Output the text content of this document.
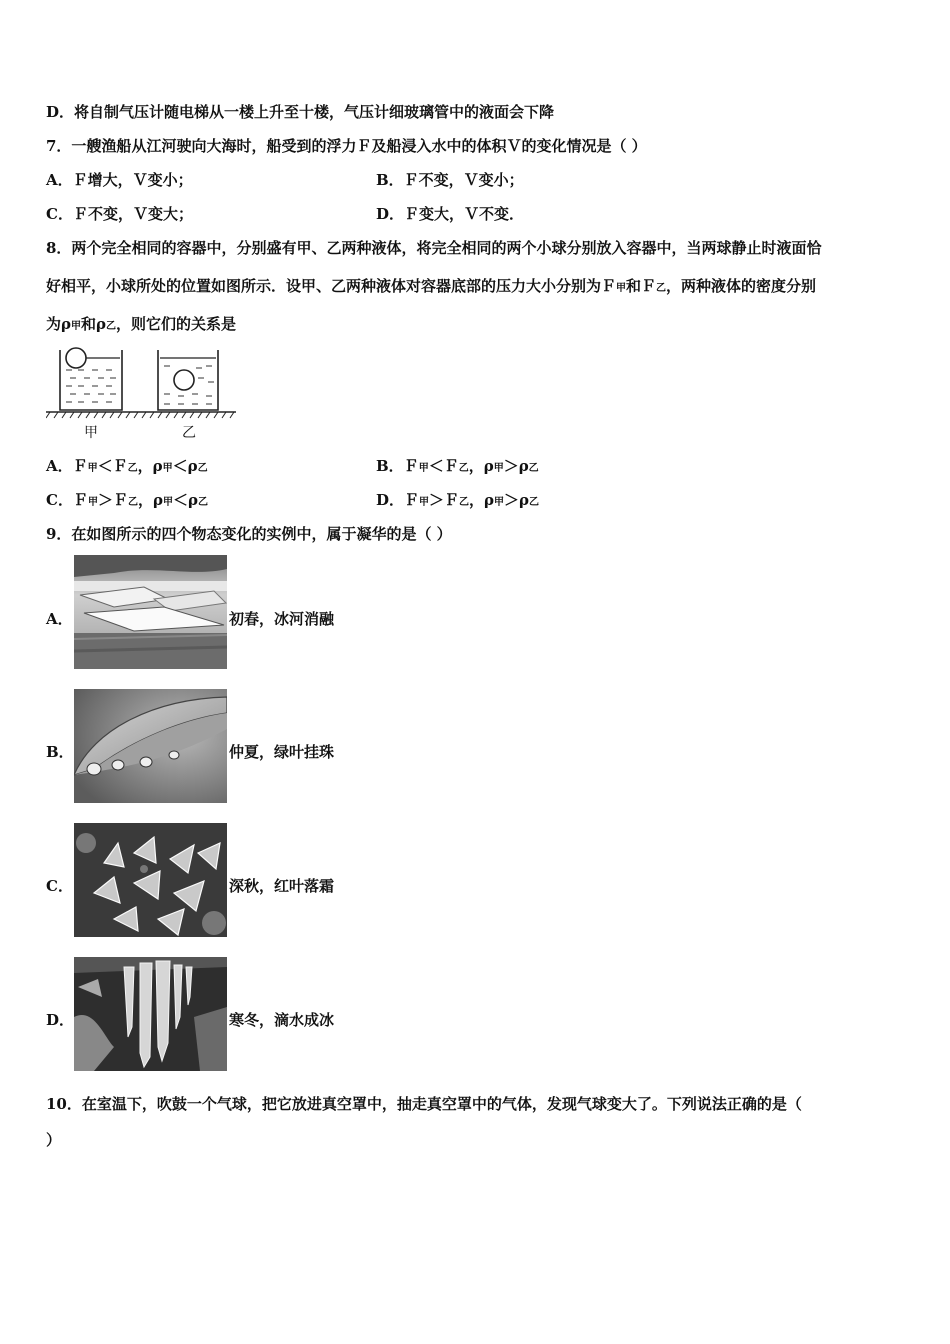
D．将自制气压计随电梯从一楼上升至十楼，气压计细玻璃管中的液面会下降
7．一艘渔船从江河驶向大海时，船受到的浮力Ｆ及船浸入水中的体积Ｖ的变化情况是（ ）
A．Ｆ增大，Ｖ变小；	B．Ｆ不变，Ｖ变小；
C．Ｆ不变，Ｖ变大；	D．Ｆ变大，Ｖ不变．
8．两个完全相同的容器中，分别盛有甲、乙两种液体，将完全相同的两个小球分别放入容器中，当两球静止时液面恰
好相平，小球所处的位置如图所示．设甲、乙两种液体对容器底部的压力大小分别为Ｆ甲和Ｆ乙，两种液体的密度分别
为ρ甲和ρ乙，则它们的关系是
甲	乙
A．Ｆ甲＜Ｆ乙，ρ甲＜ρ乙	B．Ｆ甲＜Ｆ乙，ρ甲＞ρ乙
C．Ｆ甲＞Ｆ乙，ρ甲＜ρ乙	D．Ｆ甲＞Ｆ乙，ρ甲＞ρ乙
9．在如图所示的四个物态变化的实例中，属于凝华的是（ ）
A．	初春，冰河消融
B．	仲夏，绿叶挂珠
C．	深秋，红叶落霜
D．	寒冬，滴水成冰
10．在室温下，吹鼓一个气球，把它放进真空罩中，抽走真空罩中的气体，发现气球变大了。下列说法正确的是（
）
